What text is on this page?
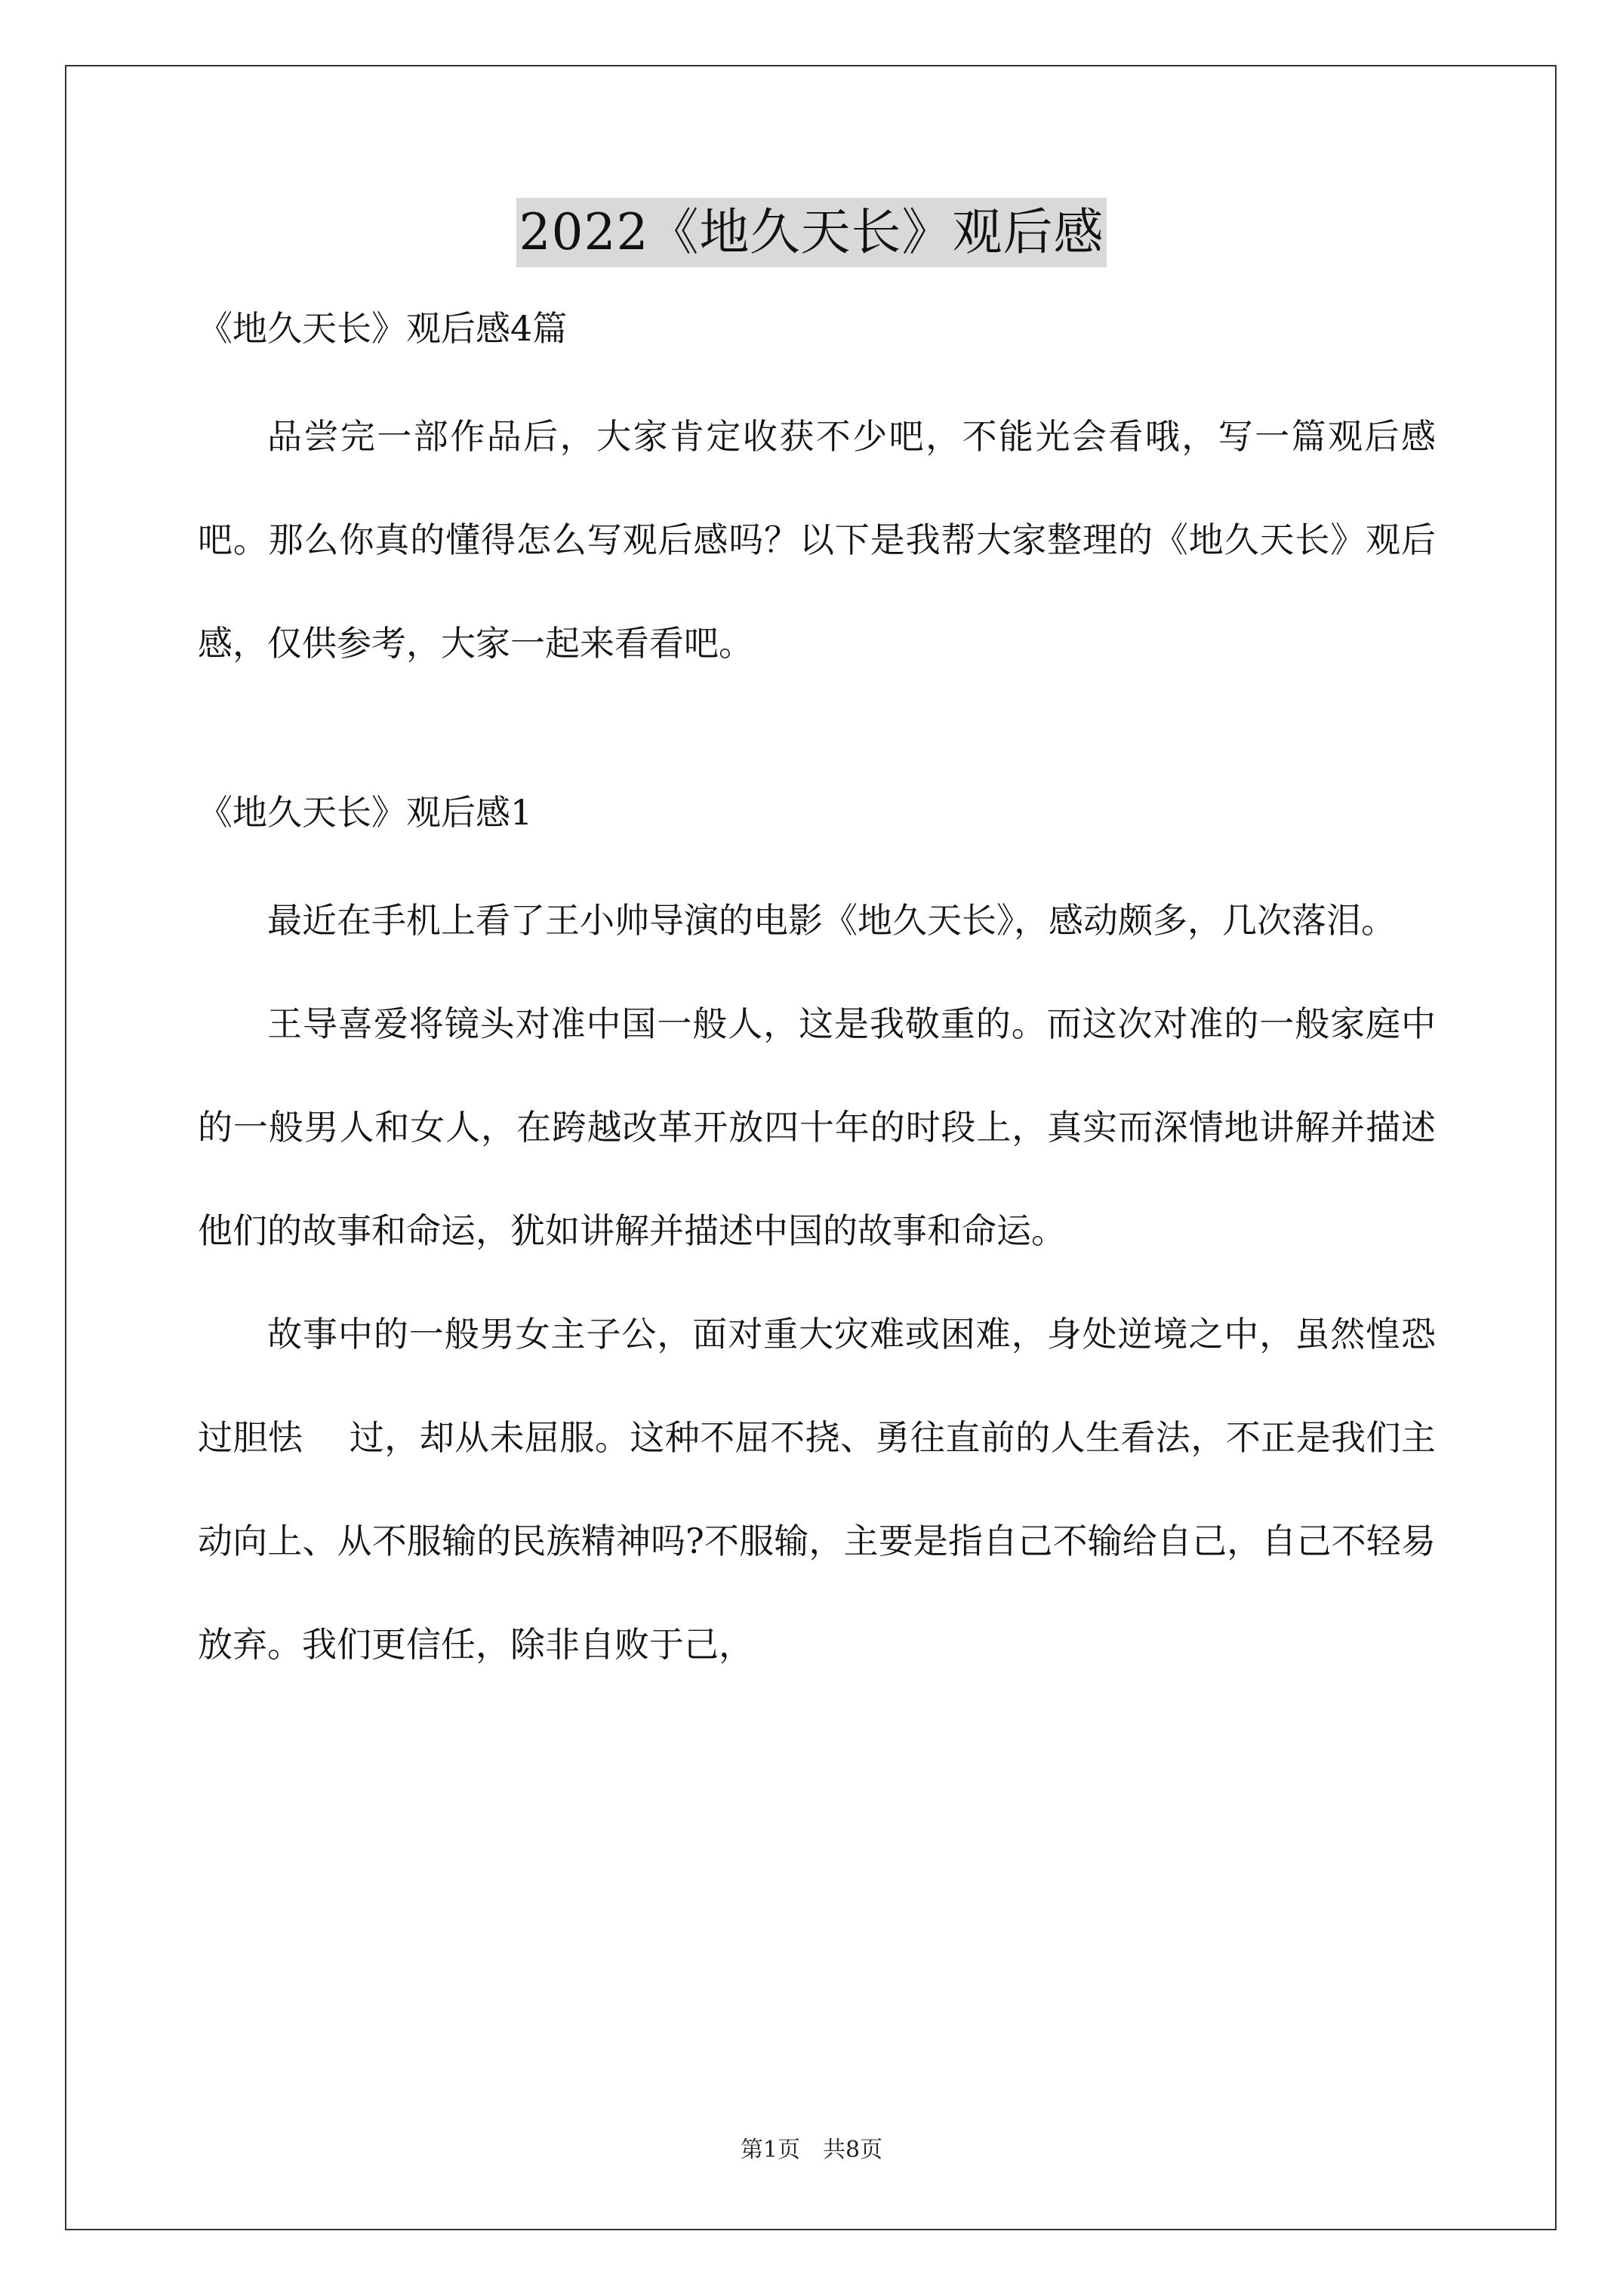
2022《地久天长》观后感

《地久天长》观后感4篇

品尝完一部作品后，大家肯定收获不少吧，不能光会看哦，写一篇观后感吧。那么你真的懂得怎么写观后感吗？以下是我帮大家整理的《地久天长》观后感，仅供参考，大家一起来看看吧。

《地久天长》观后感1

最近在手机上看了王小帅导演的电影《地久天长》，感动颇多，几次落泪。

王导喜爱将镜头对准中国一般人，这是我敬重的。而这次对准的一般家庭中的一般男人和女人，在跨越改革开放四十年的时段上，真实而深情地讲解并描述他们的故事和命运，犹如讲解并描述中国的故事和命运。

故事中的一般男女主子公，面对重大灾难或困难，身处逆境之中，虽然惶恐过胆怯　 过，却从未屈服。这种不屈不挠、勇往直前的人生看法，不正是我们主动向上、从不服输的民族精神吗?不服输，主要是指自己不输给自己，自己不轻易放弃。我们更信任，除非自败于己，

第1页　共8页
